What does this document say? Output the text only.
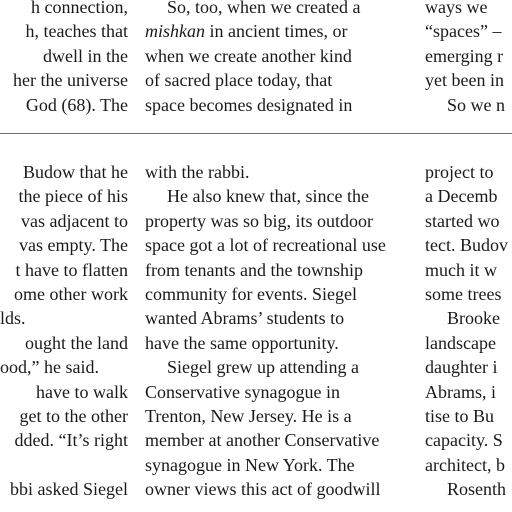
h connection,
h, teaches that
dwell in the
her the universe
God (68). The
So, too, when we created a
mishkan in ancient times, or
when we create another kind
of sacred place today, that
space becomes designated in
ways we
“spaces” –
emerging r
yet been in
So we n
Budow that he
the piece of his
vas adjacent to
vas empty. The
t have to flatten
ome other work
lds.
ought the land
ood,” he said.
have to walk
get to the other
dded. “It’s right
bbi asked Siegel
with the rabbi.
He also knew that, since the
property was so big, its outdoor
space got a lot of recreational use
from tenants and the township
community for events. Siegel
wanted Abrams’ students to
have the same opportunity.
Siegel grew up attending a
Conservative synagogue in
Trenton, New Jersey. He is a
member at another Conservative
synagogue in New York. The
owner views this act of goodwill
project to
a Decemb
started wo
tect. Budov
much it w
some trees
Brooke
landscape
daughter i
Abrams, i
tise to Bu
capacity. S
architect, b
Rosenth
